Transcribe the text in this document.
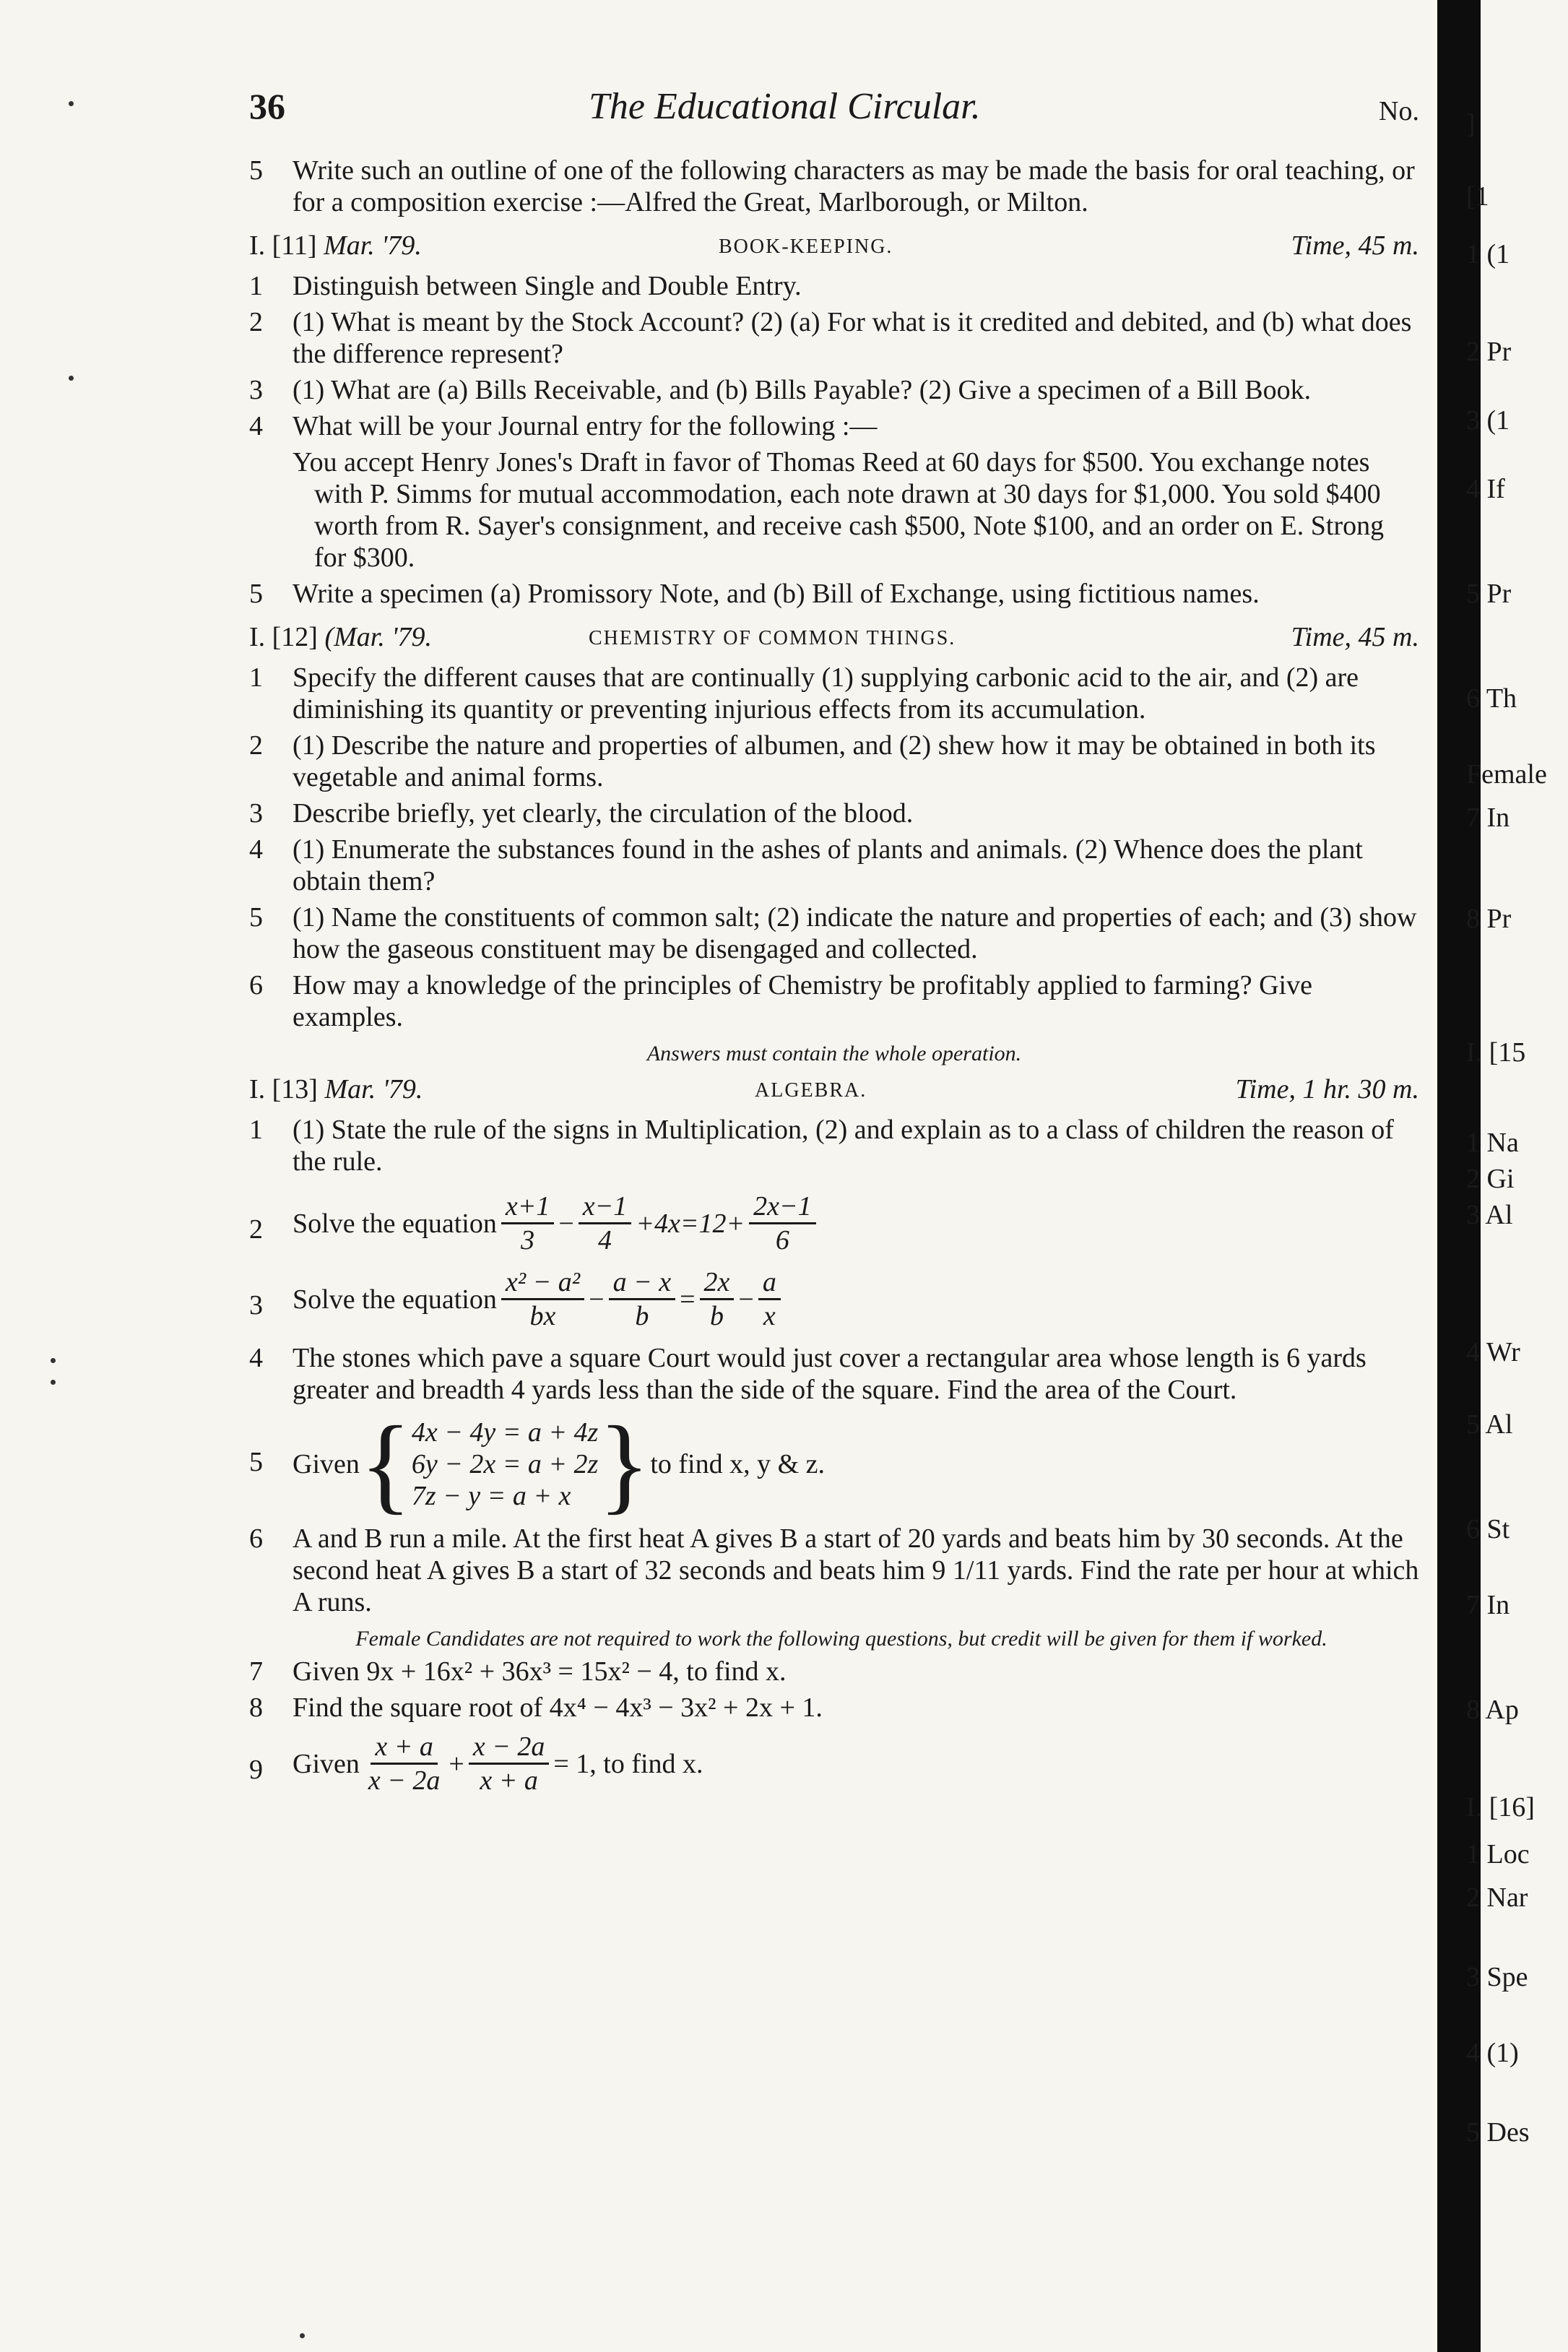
36	The Educational Circular.	No.
5 Write such an outline of one of the following characters as may be made the basis for oral teaching, or for a composition exercise :—Alfred the Great, Marlborough, or Milton.
I. [11] Mar. '79.	BOOK-KEEPING.	Time, 45 m.
1 Distinguish between Single and Double Entry.
2 (1) What is meant by the Stock Account? (2) (a) For what is it credited and debited, and (b) what does the difference represent?
3 (1) What are (a) Bills Receivable, and (b) Bills Payable? (2) Give a specimen of a Bill Book.
4 What will be your Journal entry for the following :—
You accept Henry Jones's Draft in favor of Thomas Reed at 60 days for $500. You exchange notes with P. Simms for mutual accommodation, each note drawn at 30 days for $1,000. You sold $400 worth from R. Sayer's consignment, and receive cash $500, Note $100, and an order on E. Strong for $300.
5 Write a specimen (a) Promissory Note, and (b) Bill of Exchange, using fictitious names.
I. [12] (Mar. '79.	CHEMISTRY OF COMMON THINGS.	Time, 45 m.
1 Specify the different causes that are continually (1) supplying carbonic acid to the air, and (2) are diminishing its quantity or preventing injurious effects from its accumulation.
2 (1) Describe the nature and properties of albumen, and (2) shew how it may be obtained in both its vegetable and animal forms.
3 Describe briefly, yet clearly, the circulation of the blood.
4 (1) Enumerate the substances found in the ashes of plants and animals. (2) Whence does the plant obtain them?
5 (1) Name the constituents of common salt; (2) indicate the nature and properties of each; and (3) show how the gaseous constituent may be disengaged and collected.
6 How may a knowledge of the principles of Chemistry be profitably applied to farming? Give examples.
Answers must contain the whole operation.
I. [13] Mar. '79.	ALGEBRA.	Time, 1 hr. 30 m.
1 (1) State the rule of the signs in Multiplication, (2) and explain as to a class of children the reason of the rule.
2 Solve the equation $\frac{x+1}{3} - \frac{x-1}{4} +4x=12+ \frac{2x-1}{6}$
3 Solve the equation $\frac{\text{x² − a²}}{bx} - \frac{a - x}{b} = \frac{2x}{b} - \frac{a}{x}$
4 The stones which pave a square Court would just cover a rectangular area whose length is 6 yards greater and breadth 4 yards less than the side of the square. Find the area of the Court.
5 Given { 4x − 4y = a + 4z
6y − 2x = a + 2z
7z − y = a + x } to find x, y & z.
6 A and B run a mile. At the first heat A gives B a start of 20 yards and beats him by 30 seconds. At the second heat A gives B a start of 32 seconds and beats him 9 1/11 yards. Find the rate per hour at which A runs.
Female Candidates are not required to work the following questions, but credit will be given for them if worked.
7 Given 9x + 16x² + 36x³ = 15x² − 4, to find x.
8 Find the square root of 4x⁴ − 4x³ − 3x² + 2x + 1.
9 Given $\frac{x + a}{x - 2a} + \frac{x - 2a}{x + a} = 1$, to find x.
]
[1
1 (1
2 Pr
3 (1
4 If
5 Pr
6 Th
Female
7 In
8 Pr
I. [15
1 Na
2 Gi
3 Al
4 Wr
5 Al
6 St
7 In
8 Ap
I. [16]
1 Loc
2 Nar
3 Spe
4 (1)
5 Des
